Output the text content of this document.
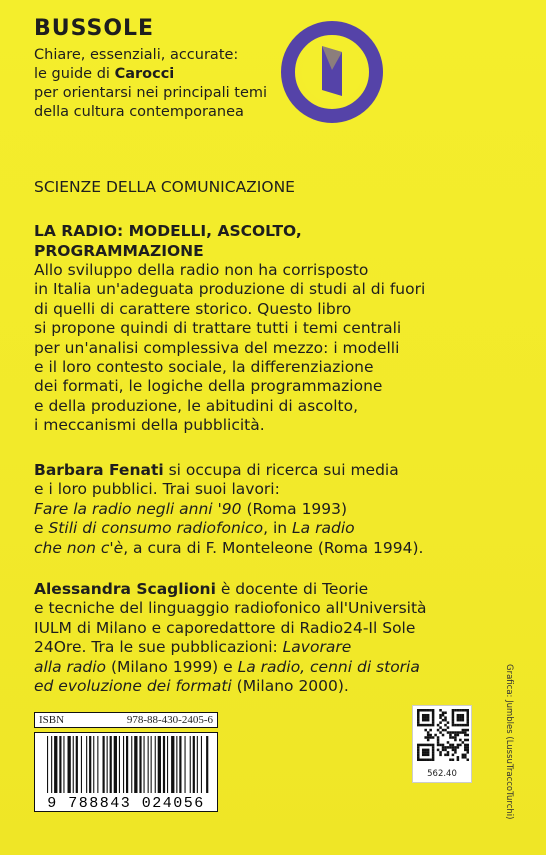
BUSSOLE
Chiare, essenziali, accurate:
le guide di Carocci
per orientarsi nei principali temi
della cultura contemporanea
SCIENZE DELLA COMUNICAZIONE
LA RADIO: MODELLI, ASCOLTO,
PROGRAMMAZIONE
Allo sviluppo della radio non ha corrisposto
in Italia un'adeguata produzione di studi al di fuori
di quelli di carattere storico. Questo libro
si propone quindi di trattare tutti i temi centrali
per un'analisi complessiva del mezzo: i modelli
e il loro contesto sociale, la differenziazione
dei formati, le logiche della programmazione
e della produzione, le abitudini di ascolto,
i meccanismi della pubblicità.
Barbara Fenati si occupa di ricerca sui media
e i loro pubblici. Trai suoi lavori:
Fare la radio negli anni '90 (Roma 1993)
e Stili di consumo radiofonico, in La radio
che non c'è, a cura di F. Monteleone (Roma 1994).
Alessandra Scaglioni è docente di Teorie
e tecniche del linguaggio radiofonico all'Università
IULM di Milano e caporedattore di Radio24-Il Sole
24Ore. Tra le sue pubblicazioni: Lavorare
alla radio (Milano 1999) e La radio, cenni di storia
ed evoluzione dei formati (Milano 2000).
ISBN	978-88-430-2405-6
9 788843 024056
562.40	Grafica: Jumbles (LussuTraccoTurchi)
